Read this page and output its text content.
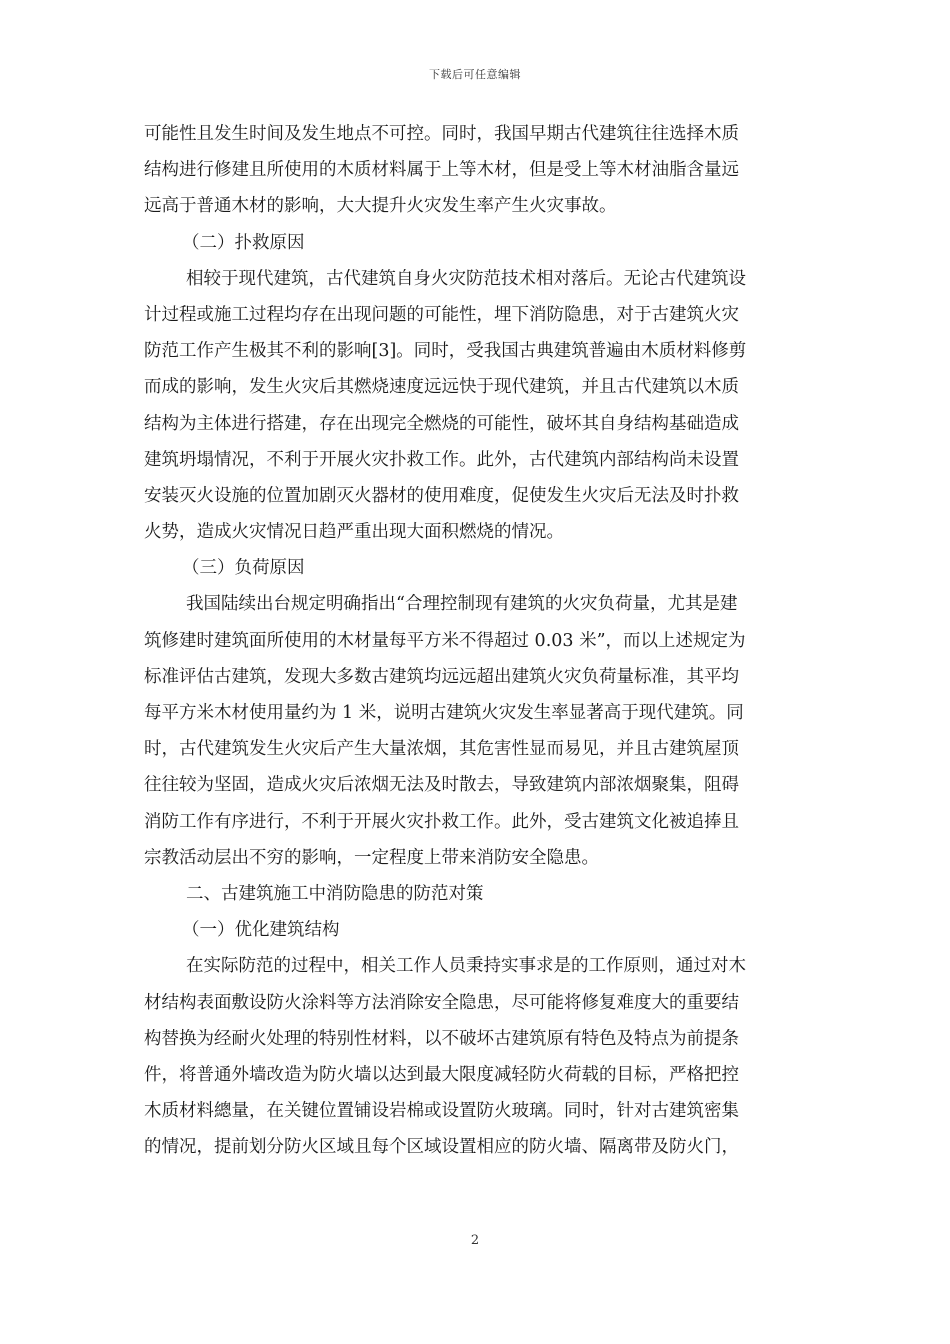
下载后可任意编辑
可能性且发生时间及发生地点不可控。同时，我国早期古代建筑往往选择木质
结构进行修建且所使用的木质材料属于上等木材，但是受上等木材油脂含量远
远高于普通木材的影响，大大提升火灾发生率产生火灾事故。
（二）扑救原因
相较于现代建筑，古代建筑自身火灾防范技术相对落后。无论古代建筑设
计过程或施工过程均存在出现问题的可能性，埋下消防隐患，对于古建筑火灾
防范工作产生极其不利的影响[3]。同时，受我国古典建筑普遍由木质材料修剪
而成的影响，发生火灾后其燃烧速度远远快于现代建筑，并且古代建筑以木质
结构为主体进行搭建，存在出现完全燃烧的可能性，破坏其自身结构基础造成
建筑坍塌情况，不利于开展火灾扑救工作。此外，古代建筑内部结构尚未设置
安装灭火设施的位置加剧灭火器材的使用难度，促使发生火灾后无法及时扑救
火势，造成火灾情况日趋严重出现大面积燃烧的情况。
（三）负荷原因
我国陆续出台规定明确指出“合理控制现有建筑的火灾负荷量，尤其是建
筑修建时建筑面所使用的木材量每平方米不得超过 0.03 米”，而以上述规定为
标准评估古建筑，发现大多数古建筑均远远超出建筑火灾负荷量标准，其平均
每平方米木材使用量约为 1 米，说明古建筑火灾发生率显著高于现代建筑。同
时，古代建筑发生火灾后产生大量浓烟，其危害性显而易见，并且古建筑屋顶
往往较为坚固，造成火灾后浓烟无法及时散去，导致建筑内部浓烟聚集，阻碍
消防工作有序进行，不利于开展火灾扑救工作。此外，受古建筑文化被追捧且
宗教活动层出不穷的影响，一定程度上带来消防安全隐患。
二、古建筑施工中消防隐患的防范对策
（一）优化建筑结构
在实际防范的过程中，相关工作人员秉持实事求是的工作原则，通过对木
材结构表面敷设防火涂料等方法消除安全隐患，尽可能将修复难度大的重要结
构替换为经耐火处理的特别性材料，以不破坏古建筑原有特色及特点为前提条
件，将普通外墙改造为防火墙以达到最大限度减轻防火荷载的目标，严格把控
木质材料總量，在关键位置铺设岩棉或设置防火玻璃。同时，针对古建筑密集
的情况，提前划分防火区域且每个区域设置相应的防火墙、隔离带及防火门，
2
